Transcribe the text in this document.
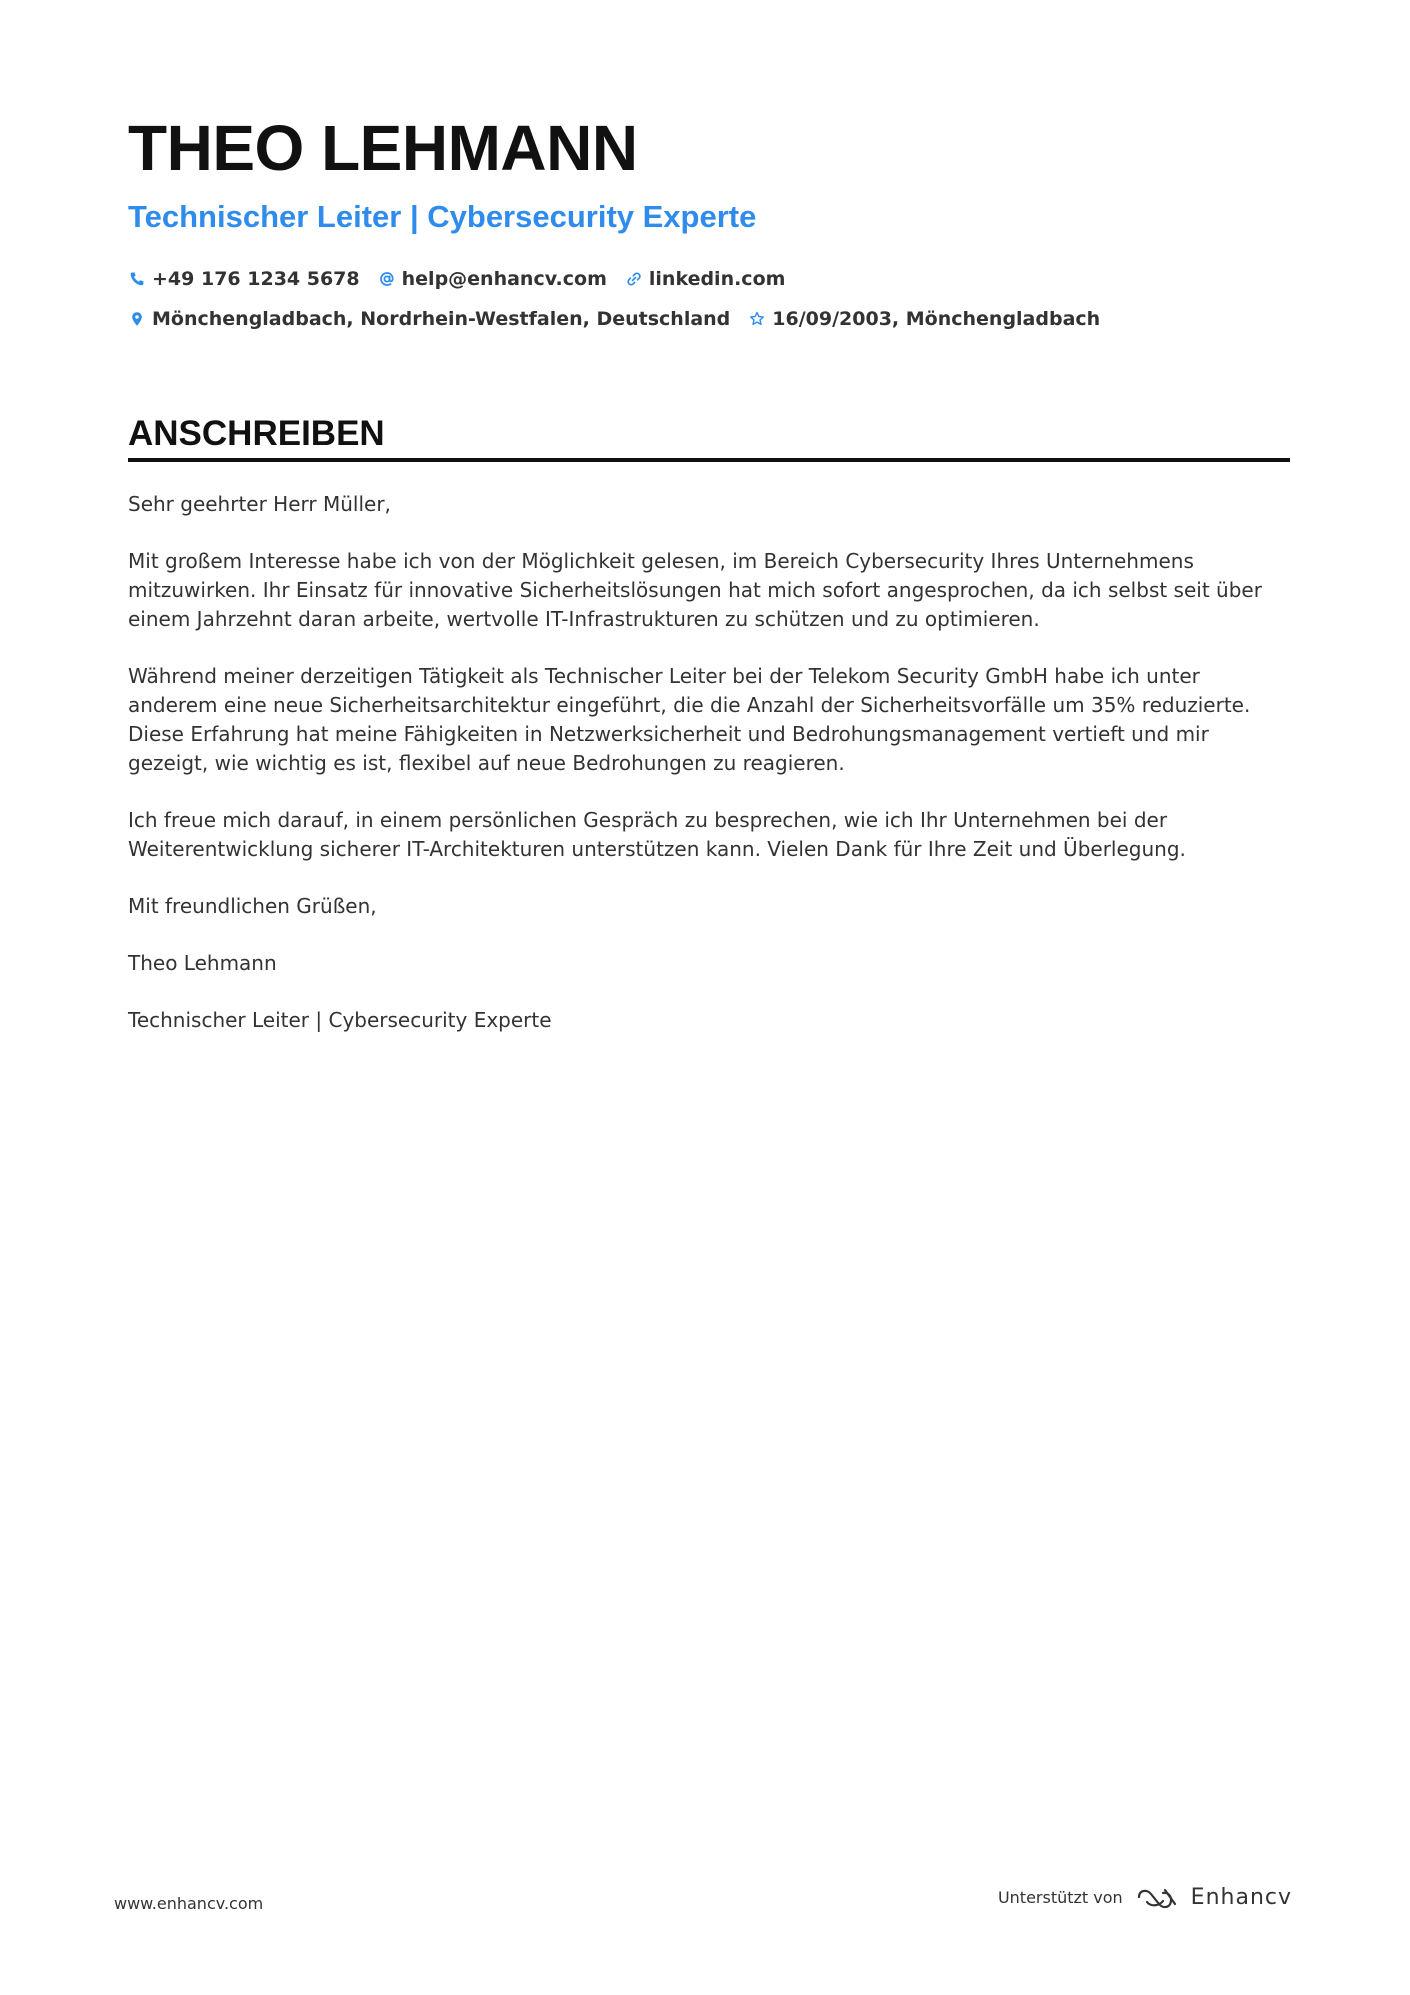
THEO LEHMANN
Technischer Leiter | Cybersecurity Experte
+49 176 1234 5678 help@enhancv.com linkedin.com
Mönchengladbach, Nordrhein-Westfalen, Deutschland 16/09/2003, Mönchengladbach
ANSCHREIBEN

Sehr geehrter Herr Müller,

Mit großem Interesse habe ich von der Möglichkeit gelesen, im Bereich Cybersecurity Ihres Unternehmens mitzuwirken. Ihr Einsatz für innovative Sicherheitslösungen hat mich sofort angesprochen, da ich selbst seit über einem Jahrzehnt daran arbeite, wertvolle IT-Infrastrukturen zu schützen und zu optimieren.

Während meiner derzeitigen Tätigkeit als Technischer Leiter bei der Telekom Security GmbH habe ich unter anderem eine neue Sicherheitsarchitektur eingeführt, die die Anzahl der Sicherheitsvorfälle um 35% reduzierte. Diese Erfahrung hat meine Fähigkeiten in Netzwerksicherheit und Bedrohungsmanagement vertieft und mir gezeigt, wie wichtig es ist, flexibel auf neue Bedrohungen zu reagieren.

Ich freue mich darauf, in einem persönlichen Gespräch zu besprechen, wie ich Ihr Unternehmen bei der Weiterentwicklung sicherer IT-Architekturen unterstützen kann. Vielen Dank für Ihre Zeit und Überlegung.

Mit freundlichen Grüßen,

Theo Lehmann

Technischer Leiter | Cybersecurity Experte

www.enhancv.com	Unterstützt von	Enhancv
